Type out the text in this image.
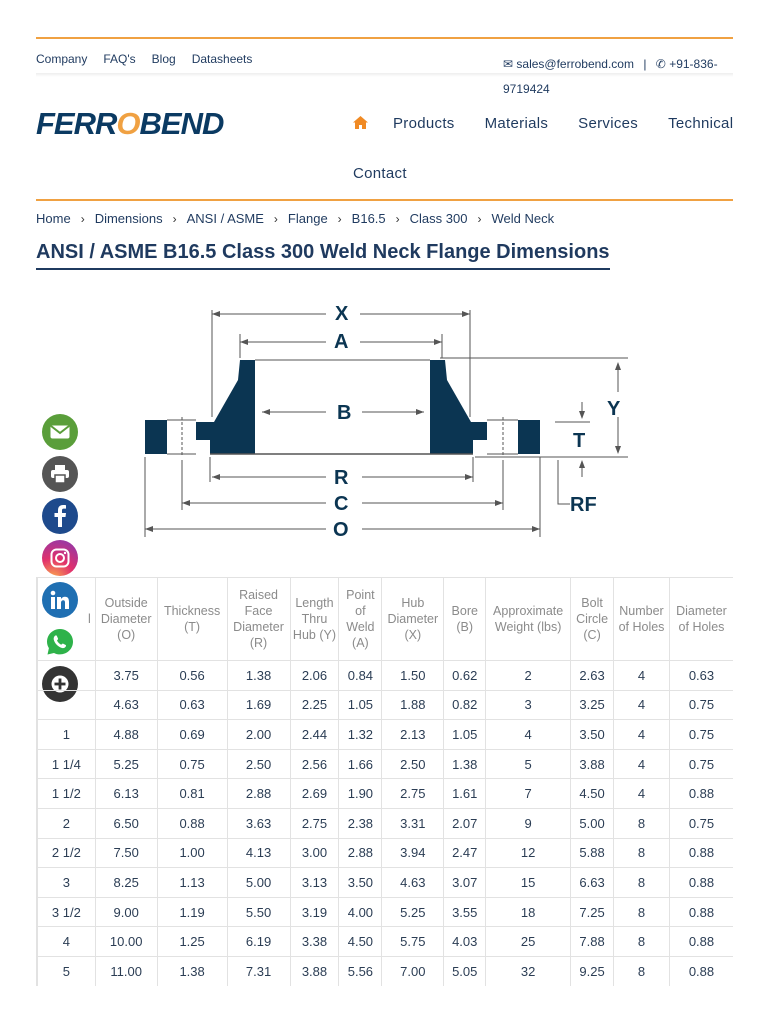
Company FAQ's Blog Datasheets	✉ sales@ferrobend.com | ✆ +91-836-9719424
FERROBEND	Products Materials Services Technical
Contact
Home › Dimensions › ANSI / ASME › Flange › B16.5 › Class 300 › Weld Neck
ANSI / ASME B16.5 Class 300 Weld Neck Flange Dimensions
X
A
B	Y
T
R
C
O
RF
l	Outside Diameter (O)	Thickness (T)	Raised Face Diameter (R)	Length Thru Hub (Y)	Point of Weld (A)	Hub Diameter (X)	Bore (B)	Approximate Weight (lbs)	Bolt Circle (C)	Number of Holes	Diameter of Holes
	3.75	0.56	1.38	2.06	0.84	1.50	0.62	2	2.63	4	0.63
	4.63	0.63	1.69	2.25	1.05	1.88	0.82	3	3.25	4	0.75
1	4.88	0.69	2.00	2.44	1.32	2.13	1.05	4	3.50	4	0.75
1 1/4	5.25	0.75	2.50	2.56	1.66	2.50	1.38	5	3.88	4	0.75
1 1/2	6.13	0.81	2.88	2.69	1.90	2.75	1.61	7	4.50	4	0.88
2	6.50	0.88	3.63	2.75	2.38	3.31	2.07	9	5.00	8	0.75
2 1/2	7.50	1.00	4.13	3.00	2.88	3.94	2.47	12	5.88	8	0.88
3	8.25	1.13	5.00	3.13	3.50	4.63	3.07	15	6.63	8	0.88
3 1/2	9.00	1.19	5.50	3.19	4.00	5.25	3.55	18	7.25	8	0.88
4	10.00	1.25	6.19	3.38	4.50	5.75	4.03	25	7.88	8	0.88
5	11.00	1.38	7.31	3.88	5.56	7.00	5.05	32	9.25	8	0.88
